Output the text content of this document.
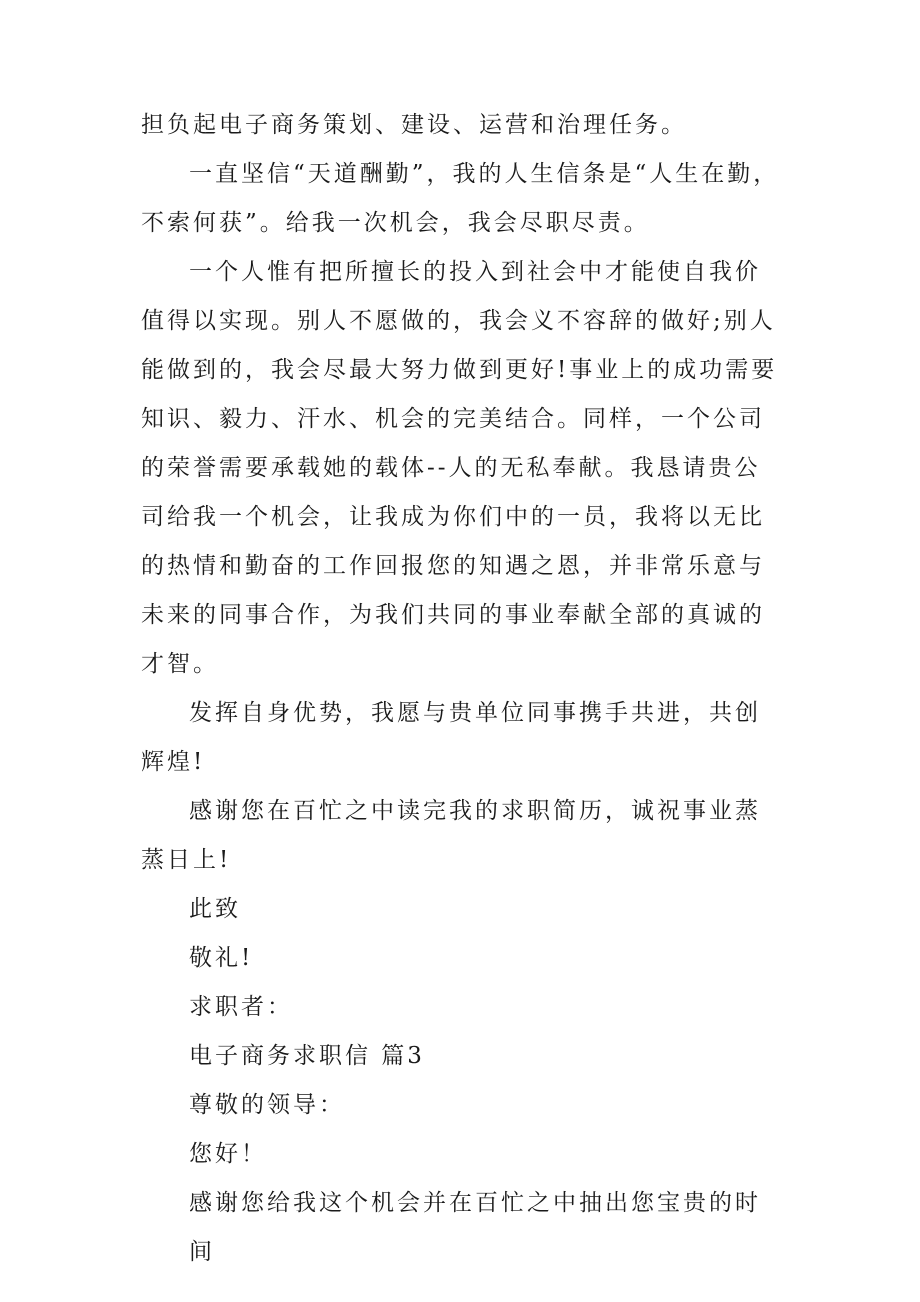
担负起电子商务策划、建设、运营和治理任务。

一直坚信“天道酬勤”，我的人生信条是“人生在勤，不索何获”。给我一次机会，我会尽职尽责。

一个人惟有把所擅长的投入到社会中才能使自我价值得以实现。别人不愿做的，我会义不容辞的做好;别人能做到的，我会尽最大努力做到更好!事业上的成功需要知识、毅力、汗水、机会的完美结合。同样，一个公司的荣誉需要承载她的载体--人的无私奉献。我恳请贵公司给我一个机会，让我成为你们中的一员，我将以无比的热情和勤奋的工作回报您的知遇之恩，并非常乐意与未来的同事合作，为我们共同的事业奉献全部的真诚的才智。

发挥自身优势，我愿与贵单位同事携手共进，共创辉煌!

感谢您在百忙之中读完我的求职简历，诚祝事业蒸蒸日上!

此致

敬礼!

求职者：

电子商务求职信 篇3

尊敬的领导：

您好！

感谢您给我这个机会并在百忙之中抽出您宝贵的时间
